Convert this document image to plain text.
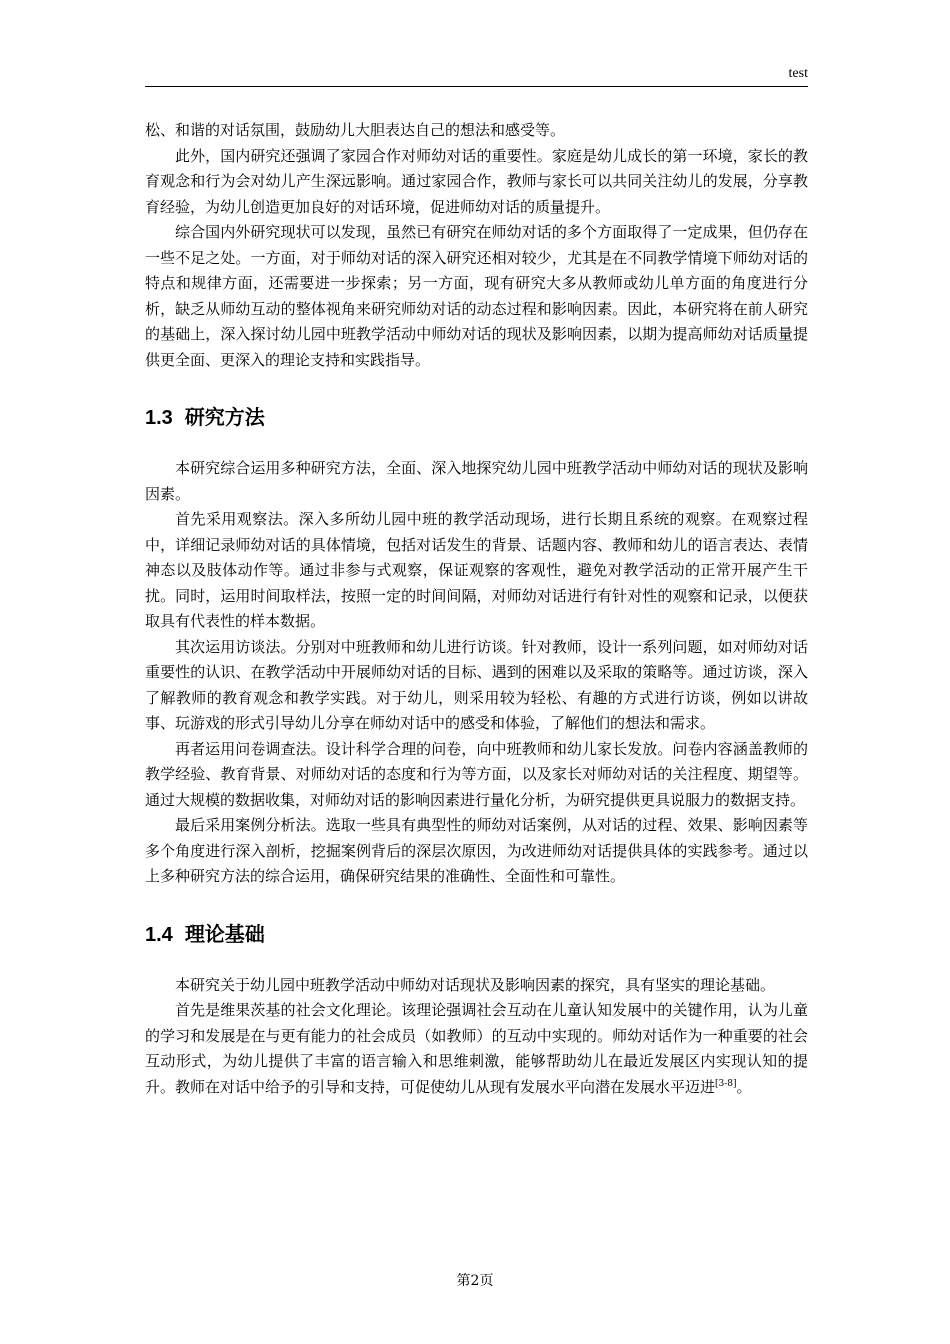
test

松、和谐的对话氛围，鼓励幼儿大胆表达自己的想法和感受等。

此外，国内研究还强调了家园合作对师幼对话的重要性。家庭是幼儿成长的第一环境，家长的教育观念和行为会对幼儿产生深远影响。通过家园合作，教师与家长可以共同关注幼儿的发展，分享教育经验，为幼儿创造更加良好的对话环境，促进师幼对话的质量提升。

综合国内外研究现状可以发现，虽然已有研究在师幼对话的多个方面取得了一定成果，但仍存在一些不足之处。一方面，对于师幼对话的深入研究还相对较少，尤其是在不同教学情境下师幼对话的特点和规律方面，还需要进一步探索；另一方面，现有研究大多从教师或幼儿单方面的角度进行分析，缺乏从师幼互动的整体视角来研究师幼对话的动态过程和影响因素。因此，本研究将在前人研究的基础上，深入探讨幼儿园中班教学活动中师幼对话的现状及影响因素，以期为提高师幼对话质量提供更全面、更深入的理论支持和实践指导。

1.3 研究方法

本研究综合运用多种研究方法，全面、深入地探究幼儿园中班教学活动中师幼对话的现状及影响因素。

首先采用观察法。深入多所幼儿园中班的教学活动现场，进行长期且系统的观察。在观察过程中，详细记录师幼对话的具体情境，包括对话发生的背景、话题内容、教师和幼儿的语言表达、表情神态以及肢体动作等。通过非参与式观察，保证观察的客观性，避免对教学活动的正常开展产生干扰。同时，运用时间取样法，按照一定的时间间隔，对师幼对话进行有针对性的观察和记录，以便获取具有代表性的样本数据。

其次运用访谈法。分别对中班教师和幼儿进行访谈。针对教师，设计一系列问题，如对师幼对话重要性的认识、在教学活动中开展师幼对话的目标、遇到的困难以及采取的策略等。通过访谈，深入了解教师的教育观念和教学实践。对于幼儿，则采用较为轻松、有趣的方式进行访谈，例如以讲故事、玩游戏的形式引导幼儿分享在师幼对话中的感受和体验，了解他们的想法和需求。

再者运用问卷调查法。设计科学合理的问卷，向中班教师和幼儿家长发放。问卷内容涵盖教师的教学经验、教育背景、对师幼对话的态度和行为等方面，以及家长对师幼对话的关注程度、期望等。通过大规模的数据收集，对师幼对话的影响因素进行量化分析，为研究提供更具说服力的数据支持。

最后采用案例分析法。选取一些具有典型性的师幼对话案例，从对话的过程、效果、影响因素等多个角度进行深入剖析，挖掘案例背后的深层次原因，为改进师幼对话提供具体的实践参考。通过以上多种研究方法的综合运用，确保研究结果的准确性、全面性和可靠性。

1.4 理论基础

本研究关于幼儿园中班教学活动中师幼对话现状及影响因素的探究，具有坚实的理论基础。

首先是维果茨基的社会文化理论。该理论强调社会互动在儿童认知发展中的关键作用，认为儿童的学习和发展是在与更有能力的社会成员（如教师）的互动中实现的。师幼对话作为一种重要的社会互动形式，为幼儿提供了丰富的语言输入和思维刺激，能够帮助幼儿在最近发展区内实现认知的提升。教师在对话中给予的引导和支持，可促使幼儿从现有发展水平向潜在发展水平迈进[3-8]。

第2页
